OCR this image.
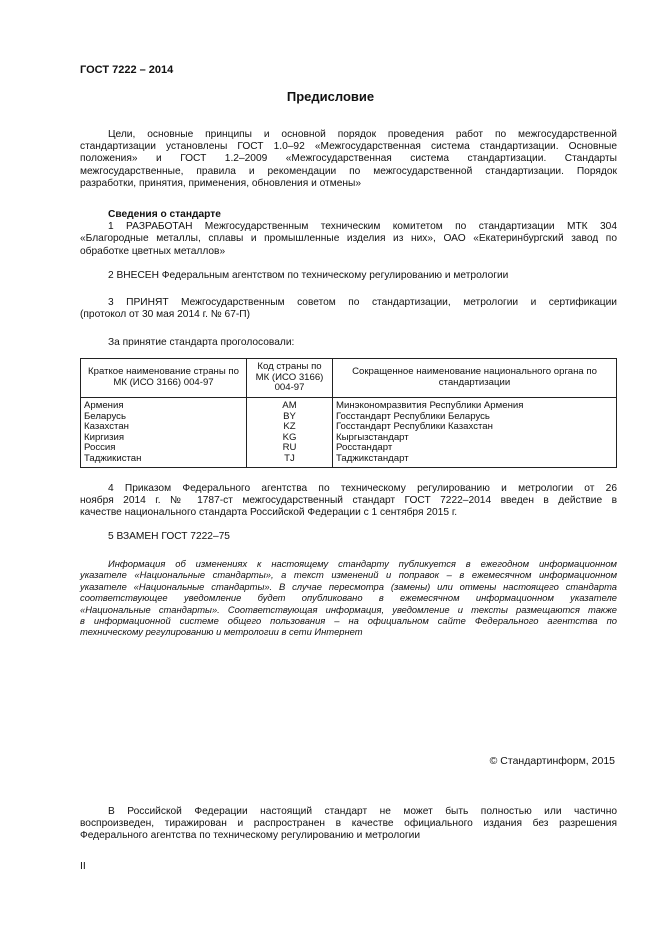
ГОСТ 7222 – 2014
Предисловие

Цели, основные принципы и основной порядок проведения работ по межгосударственной
стандартизации установлены ГОСТ 1.0–92 «Межгосударственная система стандартизации. Основные
положения» и ГОСТ 1.2–2009 «Межгосударственная система стандартизации. Стандарты
межгосударственные, правила и рекомендации по межгосударственной стандартизации. Порядок
разработки, принятия, применения, обновления и отмены»

Сведения о стандарте
1 РАЗРАБОТАН Межгосударственным техническим комитетом по стандартизации МТК 304
«Благородные металлы, сплавы и промышленные изделия из них», ОАО «Екатеринбургский завод по
обработке цветных металлов»

2 ВНЕСЕН Федеральным агентством по техническому регулированию и метрологии

3 ПРИНЯТ Межгосударственным советом по стандартизации, метрологии и сертификации
(протокол от 30 мая 2014 г. № 67-П)

За принятие стандарта проголосовали:

Краткое наименование страны по МК (ИСО 3166) 004-97	Код страны по МК (ИСО 3166) 004-97	Сокращенное наименование национального органа по стандартизации
Армения	AM	Минэкономразвития Республики Армения
Беларусь	BY	Госстандарт Республики Беларусь
Казахстан	KZ	Госстандарт Республики Казахстан
Киргизия	KG	Кыргызстандарт
Россия	RU	Росстандарт
Таджикистан	TJ	Таджикстандарт

4 Приказом Федерального агентства по техническому регулированию и метрологии от 26
ноября 2014 г. № 1787-ст межгосударственный стандарт ГОСТ 7222–2014 введен в действие в
качестве национального стандарта Российской Федерации с 1 сентября 2015 г.

5 ВЗАМЕН ГОСТ 7222–75

Информация об изменениях к настоящему стандарту публикуется в ежегодном информационном
указателе «Национальные стандарты», а текст изменений и поправок – в ежемесячном информационном
указателе «Национальные стандарты». В случае пересмотра (замены) или отмены настоящего стандарта
соответствующее уведомление будет опубликовано в ежемесячном информационном указателе
«Национальные стандарты». Соответствующая информация, уведомление и тексты размещаются также
в информационной системе общего пользования – на официальном сайте Федерального агентства по
техническому регулированию и метрологии в сети Интернет

© Стандартинформ, 2015

В Российской Федерации настоящий стандарт не может быть полностью или частично
воспроизведен, тиражирован и распространен в качестве официального издания без разрешения
Федерального агентства по техническому регулированию и метрологии

II
